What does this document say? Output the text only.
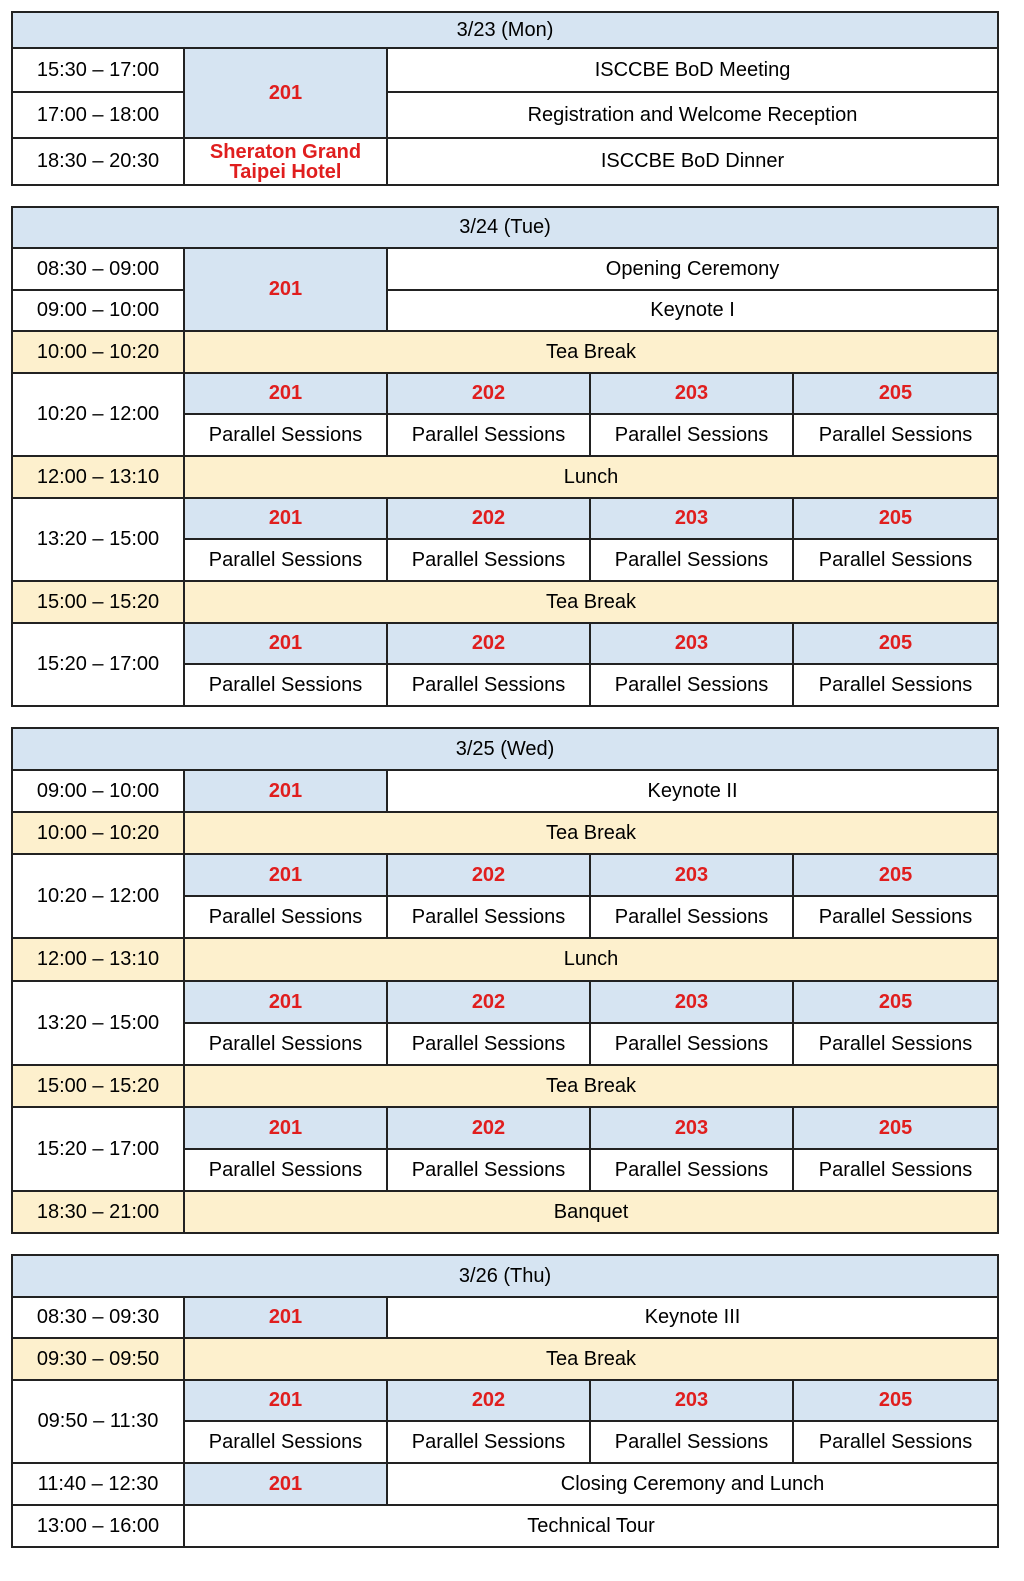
3/23 (Mon)		
15:30 – 17:00	201	ISCCBE BoD Meeting
17:00 – 18:00		Registration and Welcome Reception
18:30 – 20:30	Sheraton Grand Taipei Hotel	ISCCBE BoD Dinner
3/24 (Tue)				
08:30 – 09:00	201	Opening Ceremony		
09:00 – 10:00		Keynote I		
10:00 – 10:20	Tea Break			
10:20 – 12:00	201	202	203	205
	Parallel Sessions	Parallel Sessions	Parallel Sessions	Parallel Sessions
12:00 – 13:10	Lunch			
13:20 – 15:00	201	202	203	205
	Parallel Sessions	Parallel Sessions	Parallel Sessions	Parallel Sessions
15:00 – 15:20	Tea Break			
15:20 – 17:00	201	202	203	205
	Parallel Sessions	Parallel Sessions	Parallel Sessions	Parallel Sessions
3/25 (Wed)				
09:00 – 10:00	201	Keynote II		
10:00 – 10:20	Tea Break			
10:20 – 12:00	201	202	203	205
	Parallel Sessions	Parallel Sessions	Parallel Sessions	Parallel Sessions
12:00 – 13:10	Lunch			
13:20 – 15:00	201	202	203	205
	Parallel Sessions	Parallel Sessions	Parallel Sessions	Parallel Sessions
15:00 – 15:20	Tea Break			
15:20 – 17:00	201	202	203	205
	Parallel Sessions	Parallel Sessions	Parallel Sessions	Parallel Sessions
18:30 – 21:00	Banquet			
3/26 (Thu)				
08:30 – 09:30	201	Keynote III		
09:30 – 09:50	Tea Break			
09:50 – 11:30	201	202	203	205
	Parallel Sessions	Parallel Sessions	Parallel Sessions	Parallel Sessions
11:40 – 12:30	201	Closing Ceremony and Lunch		
13:00 – 16:00	Technical Tour			
